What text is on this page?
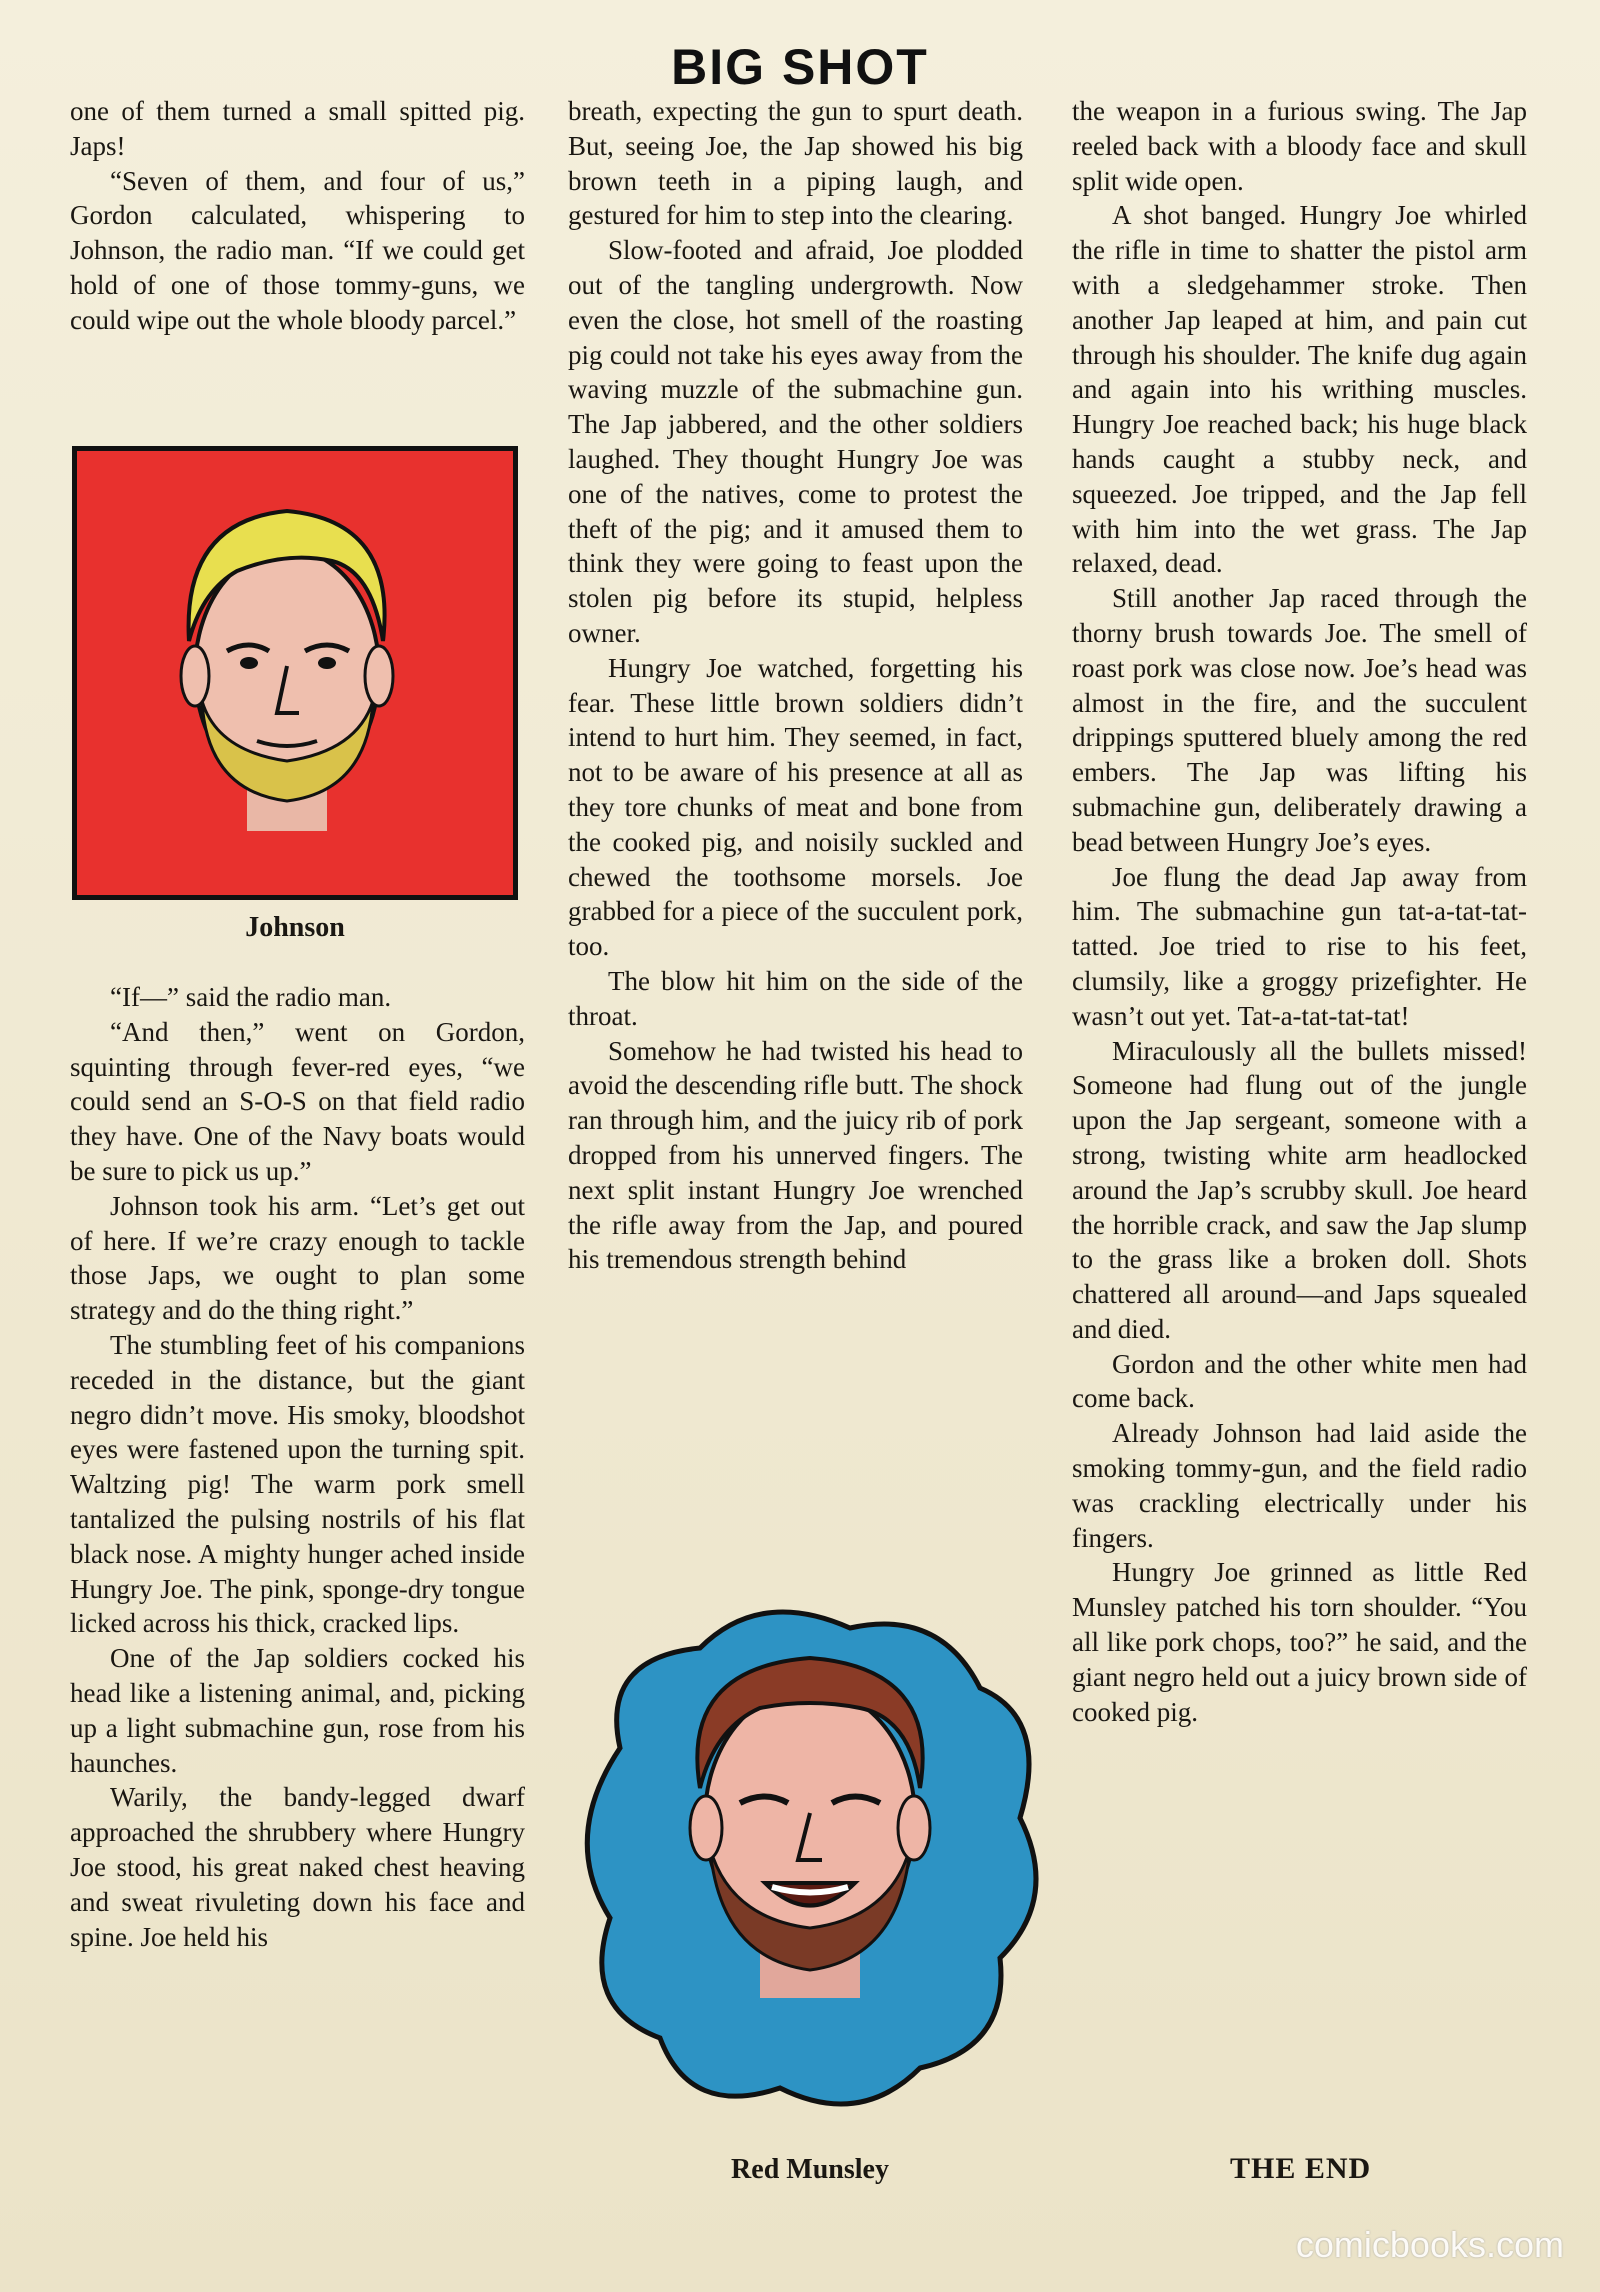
BIG SHOT

one of them turned a small spitted pig. Japs!

“Seven of them, and four of us,” Gordon calculated, whispering to Johnson, the radio man. “If we could get hold of one of those tommy-guns, we could wipe out the whole bloody parcel.”

Johnson

“If—” said the radio man.

“And then,” went on Gordon, squinting through fever-red eyes, “we could send an S-O-S on that field radio they have. One of the Navy boats would be sure to pick us up.”

Johnson took his arm. “Let’s get out of here. If we’re crazy enough to tackle those Japs, we ought to plan some strategy and do the thing right.”

The stumbling feet of his companions receded in the distance, but the giant negro didn’t move. His smoky, bloodshot eyes were fastened upon the turning spit. Waltzing pig! The warm pork smell tantalized the pulsing nostrils of his flat black nose. A mighty hunger ached inside Hungry Joe. The pink, sponge-dry tongue licked across his thick, cracked lips.

One of the Jap soldiers cocked his head like a listening animal, and, picking up a light submachine gun, rose from his haunches.

Warily, the bandy-legged dwarf approached the shrubbery where Hungry Joe stood, his great naked chest heaving and sweat rivuleting down his face and spine. Joe held his

breath, expecting the gun to spurt death. But, seeing Joe, the Jap showed his big brown teeth in a piping laugh, and gestured for him to step into the clearing.

Slow-footed and afraid, Joe plodded out of the tangling undergrowth. Now even the close, hot smell of the roasting pig could not take his eyes away from the waving muzzle of the submachine gun. The Jap jabbered, and the other soldiers laughed. They thought Hungry Joe was one of the natives, come to protest the theft of the pig; and it amused them to think they were going to feast upon the stolen pig before its stupid, helpless owner.

Hungry Joe watched, forgetting his fear. These little brown soldiers didn’t intend to hurt him. They seemed, in fact, not to be aware of his presence at all as they tore chunks of meat and bone from the cooked pig, and noisily suckled and chewed the toothsome morsels. Joe grabbed for a piece of the succulent pork, too.

The blow hit him on the side of the throat.

Somehow he had twisted his head to avoid the descending rifle butt. The shock ran through him, and the juicy rib of pork dropped from his unnerved fingers. The next split instant Hungry Joe wrenched the rifle away from the Jap, and poured his tremendous strength behind

Red Munsley

the weapon in a furious swing. The Jap reeled back with a bloody face and skull split wide open.

A shot banged. Hungry Joe whirled the rifle in time to shatter the pistol arm with a sledgehammer stroke. Then another Jap leaped at him, and pain cut through his shoulder. The knife dug again and again into his writhing muscles. Hungry Joe reached back; his huge black hands caught a stubby neck, and squeezed. Joe tripped, and the Jap fell with him into the wet grass. The Jap relaxed, dead.

Still another Jap raced through the thorny brush towards Joe. The smell of roast pork was close now. Joe’s head was almost in the fire, and the succulent drippings sputtered bluely among the red embers. The Jap was lifting his submachine gun, deliberately drawing a bead between Hungry Joe’s eyes.

Joe flung the dead Jap away from him. The submachine gun tat-a-tat-tat-tatted. Joe tried to rise to his feet, clumsily, like a groggy prizefighter. He wasn’t out yet. Tat-a-tat-tat-tat!

Miraculously all the bullets missed! Someone had flung out of the jungle upon the Jap sergeant, someone with a strong, twisting white arm headlocked around the Jap’s scrubby skull. Joe heard the horrible crack, and saw the Jap slump to the grass like a broken doll. Shots chattered all around—and Japs squealed and died.

Gordon and the other white men had come back.

Already Johnson had laid aside the smoking tommy-gun, and the field radio was crackling electrically under his fingers.

Hungry Joe grinned as little Red Munsley patched his torn shoulder. “You all like pork chops, too?” he said, and the giant negro held out a juicy brown side of cooked pig.

THE END
comicbooks.com
